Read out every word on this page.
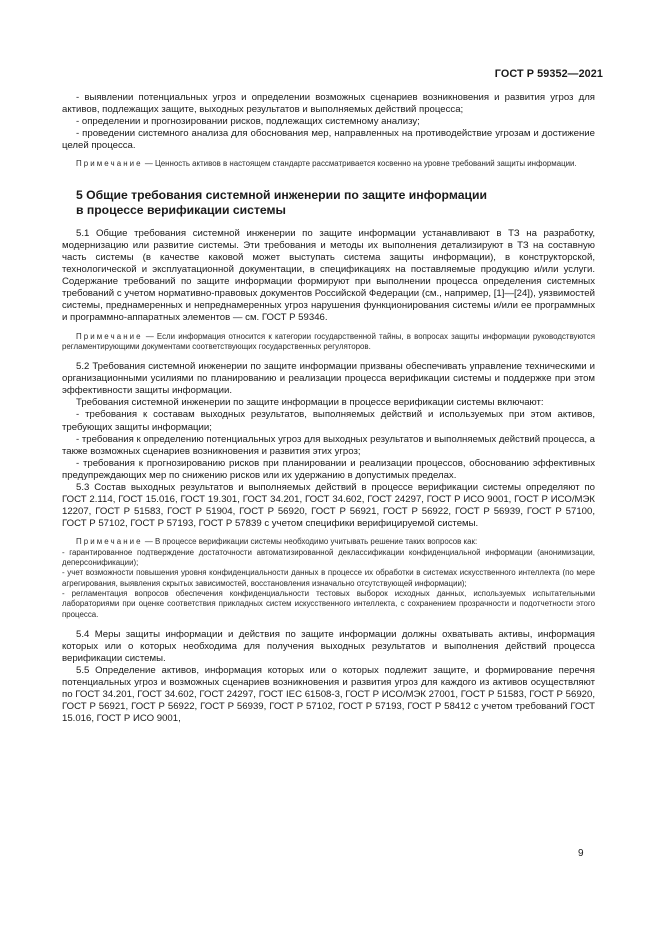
ГОСТ Р 59352—2021

- выявлении потенциальных угроз и определении возможных сценариев возникновения и развития угроз для активов, подлежащих защите, выходных результатов и выполняемых действий процесса;

- определении и прогнозировании рисков, подлежащих системному анализу;

- проведении системного анализа для обоснования мер, направленных на противодействие угрозам и достижение целей процесса.

Примечание — Ценность активов в настоящем стандарте рассматривается косвенно на уровне требований защиты информации.

5 Общие требования системной инженерии по защите информации

в процессе верификации системы

5.1 Общие требования системной инженерии по защите информации устанавливают в ТЗ на разработку, модернизацию или развитие системы. Эти требования и методы их выполнения детализируют в ТЗ на составную часть системы (в качестве каковой может выступать система защиты информации), в конструкторской, технологической и эксплуатационной документации, в спецификациях на поставляемые продукцию и/или услуги. Содержание требований по защите информации формируют при выполнении процесса определения системных требований с учетом нормативно-правовых документов Российской Федерации (см., например, [1]—[24]), уязвимостей системы, преднамеренных и непреднамеренных угроз нарушения функционирования системы и/или ее программных и программно-аппаратных элементов — см. ГОСТ Р 59346.

Примечание — Если информация относится к категории государственной тайны, в вопросах защиты информации руководствуются регламентирующими документами соответствующих государственных регуляторов.

5.2 Требования системной инженерии по защите информации призваны обеспечивать управление техническими и организационными усилиями по планированию и реализации процесса верификации системы и поддержке при этом эффективности защиты информации.

Требования системной инженерии по защите информации в процессе верификации системы включают:

- требования к составам выходных результатов, выполняемых действий и используемых при этом активов, требующих защиты информации;

- требования к определению потенциальных угроз для выходных результатов и выполняемых действий процесса, а также возможных сценариев возникновения и развития этих угроз;

- требования к прогнозированию рисков при планировании и реализации процессов, обоснованию эффективных предупреждающих мер по снижению рисков или их удержанию в допустимых пределах.

5.3 Состав выходных результатов и выполняемых действий в процессе верификации системы определяют по ГОСТ 2.114, ГОСТ 15.016, ГОСТ 19.301, ГОСТ 34.201, ГОСТ 34.602, ГОСТ 24297, ГОСТ Р ИСО 9001, ГОСТ Р ИСО/МЭК 12207, ГОСТ Р 51583, ГОСТ Р 51904, ГОСТ Р 56920, ГОСТ Р 56921, ГОСТ Р 56922, ГОСТ Р 56939, ГОСТ Р 57100, ГОСТ Р 57102, ГОСТ Р 57193, ГОСТ Р 57839 с учетом специфики верифицируемой системы.

Примечание — В процессе верификации системы необходимо учитывать решение таких вопросов как:

- гарантированное подтверждение достаточности автоматизированной деклассификации конфиденциальной информации (анонимизации, деперсонификации);

- учет возможности повышения уровня конфиденциальности данных в процессе их обработки в системах искусственного интеллекта (по мере агрегирования, выявления скрытых зависимостей, восстановления изначально отсутствующей информации);

- регламентация вопросов обеспечения конфиденциальности тестовых выборок исходных данных, используемых испытательными лабораториями при оценке соответствия прикладных систем искусственного интеллекта, с сохранением прозрачности и подотчетности этого процесса.

5.4 Меры защиты информации и действия по защите информации должны охватывать активы, информация которых или о которых необходима для получения выходных результатов и выполнения действий процесса верификации системы.

5.5 Определение активов, информация которых или о которых подлежит защите, и формирование перечня потенциальных угроз и возможных сценариев возникновения и развития угроз для каждого из активов осуществляют по ГОСТ 34.201, ГОСТ 34.602, ГОСТ 24297, ГОСТ IEC 61508-3, ГОСТ Р ИСО/МЭК 27001, ГОСТ Р 51583, ГОСТ Р 56920, ГОСТ Р 56921, ГОСТ Р 56922, ГОСТ Р 56939, ГОСТ Р 57102, ГОСТ Р 57193, ГОСТ Р 58412 с учетом требований ГОСТ 15.016, ГОСТ Р ИСО 9001,

9
